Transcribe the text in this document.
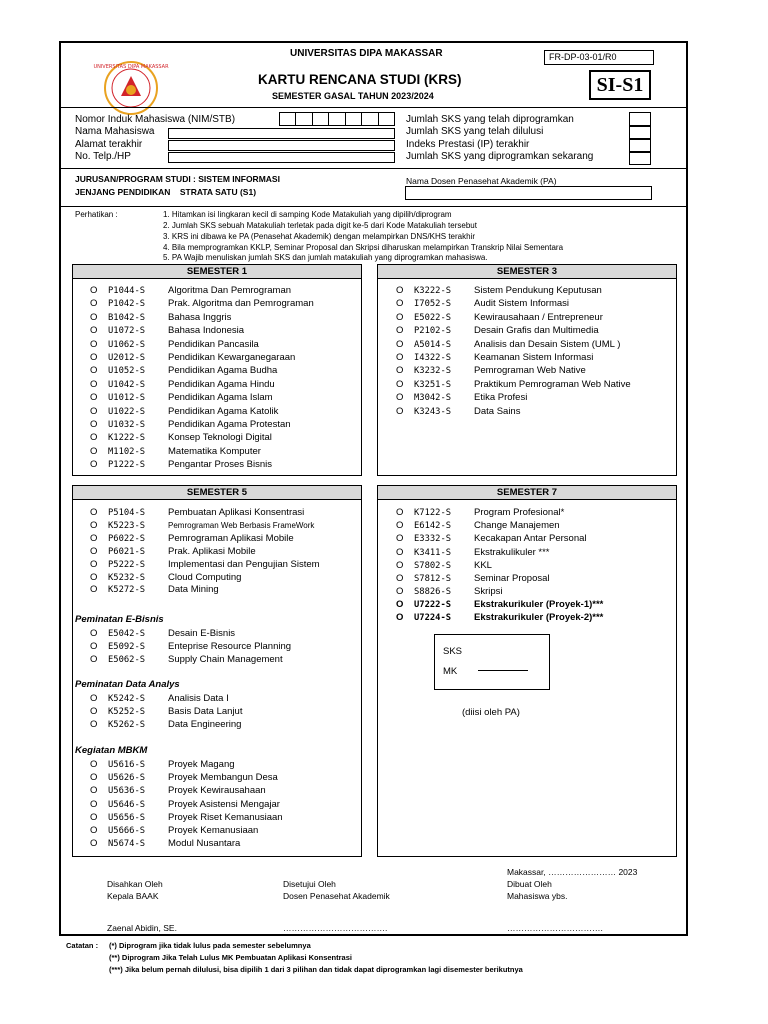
UNIVERSITAS DIPA MAKASSAR
UNIVERSITAS DIPA MAKASSAR	FR-DP-03-01/R0
KARTU RENCANA STUDI (KRS)
SEMESTER GASAL TAHUN 2023/2024	SI-S1
Nomor Induk Mahasiswa (NIM/STB)
Nama Mahasiswa
Alamat terakhir
No. Telp./HP
Jumlah SKS yang telah diprogramkan
Jumlah SKS yang telah dilulusi
Indeks Prestasi (IP) terakhir
Jumlah SKS yang diprogramkan sekarang
JURUSAN/PROGRAM STUDI : SISTEM INFORMASI
JENJANG PENDIDIKAN    STRATA SATU (S1)
Nama Dosen Penasehat Akademik (PA)
Perhatikan :	1. Hitamkan isi lingkaran kecil di samping Kode Matakuliah yang dipilih/diprogram
2. Jumlah SKS sebuah Matakuliah terletak pada digit ke-5 dari Kode Matakuliah tersebut
3. KRS ini dibawa ke PA (Penasehat Akademik) dengan melampirkan DNS/KHS terakhir
4. Bila memprogramkan KKLP, Seminar Proposal dan Skripsi diharuskan melampirkan Transkrip Nilai Sementara
5. PA Wajib menuliskan jumlah SKS dan jumlah matakuliah yang diprogramkan mahasiswa.
SEMESTER 1
O P1044-S Algoritma Dan Pemrograman
O P1042-S Prak. Algoritma dan Pemrograman
O B1042-S Bahasa Inggris
O U1072-S Bahasa Indonesia
O U1062-S Pendidikan Pancasila
O U2012-S Pendidikan Kewarganegaraan
O U1052-S Pendidikan Agama Budha
O U1042-S Pendidikan Agama Hindu
O U1012-S Pendidikan Agama Islam
O U1022-S Pendidikan Agama Katolik
O U1032-S Pendidikan Agama Protestan
O K1222-S Konsep Teknologi Digital
O M1102-S Matematika Komputer
O P1222-S Pengantar Proses Bisnis
SEMESTER 3
O K3222-S Sistem Pendukung Keputusan
O I7052-S Audit Sistem Informasi
O E5022-S Kewirausahaan / Entrepreneur
O P2102-S Desain Grafis dan Multimedia
O A5014-S Analisis dan Desain Sistem (UML )
O I4322-S Keamanan Sistem Informasi
O K3232-S Pemrograman Web Native
O K3251-S Praktikum Pemrograman Web Native
O M3042-S Etika Profesi
O K3243-S Data Sains
SEMESTER 5
O P5104-S Pembuatan Aplikasi Konsentrasi
O K5223-S	Pemrograman Web Berbasis FrameWork
O P6022-S Pemrograman Aplikasi Mobile
O P6021-S Prak. Aplikasi Mobile
O P5222-S Implementasi dan Pengujian Sistem
O K5232-S Cloud Computing
O K5272-S Data Mining
Peminatan E-Bisnis
O E5042-S Desain E-Bisnis
O E5092-S Enteprise Resource Planning
O E5062-S Supply Chain Management
Peminatan Data Analys
O K5242-S Analisis Data I
O K5252-S Basis Data Lanjut
O K5262-S Data Engineering
Kegiatan MBKM
O U5616-S Proyek Magang
O U5626-S Proyek Membangun Desa
O U5636-S Proyek Kewirausahaan
O U5646-S Proyek Asistensi Mengajar
O U5656-S Proyek Riset Kemanusiaan
O U5666-S Proyek Kemanusiaan
O N5674-S Modul Nusantara
SEMESTER 7
O K7122-S Program Profesional*
O E6142-S Change Manajemen
O E3332-S Kecakapan Antar Personal
O K3411-S Ekstrakulikuler ***
O S7802-S KKL
O S7812-S Seminar Proposal
O S8826-S Skripsi
O U7222-S Ekstrakurikuler (Proyek-1)***
O U7224-S Ekstrakurikuler (Proyek-2)***
SKS
MK
(diisi oleh PA)
Makassar, …………………… 2023
Disahkan Oleh
Kepala BAAK
Zaenal Abidin, SE.
Disetujui Oleh
Dosen Penasehat Akademik
……………………………….
Dibuat Oleh
Mahasiswa ybs.
…………………………….
Catatan : (*) Diprogram jika tidak lulus pada semester sebelumnya
(**) Diprogram Jika Telah Lulus MK Pembuatan Aplikasi Konsentrasi
(***) Jika belum pernah dilulusi, bisa dipilih 1 dari 3 pilihan dan tidak dapat diprogramkan lagi disemester berikutnya
